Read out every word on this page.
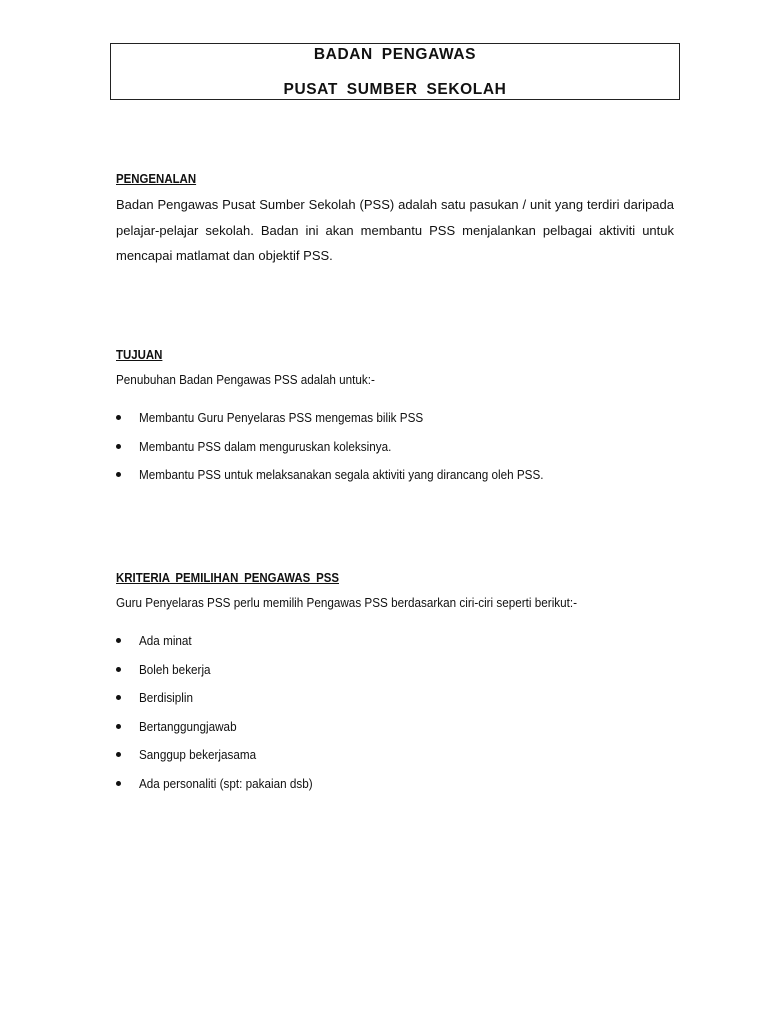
BADAN PENGAWAS
PUSAT SUMBER SEKOLAH
PENGENALAN
Badan Pengawas Pusat Sumber Sekolah (PSS) adalah satu pasukan / unit yang terdiri daripada
pelajar-pelajar sekolah. Badan ini akan membantu PSS menjalankan pelbagai aktiviti untuk
mencapai matlamat dan objektif PSS.
TUJUAN
Penubuhan Badan Pengawas PSS adalah untuk:-
Membantu Guru Penyelaras PSS mengemas bilik PSS
Membantu PSS dalam menguruskan koleksinya.
Membantu PSS untuk melaksanakan segala aktiviti yang dirancang oleh PSS.
KRITERIA PEMILIHAN PENGAWAS PSS
Guru Penyelaras PSS perlu memilih Pengawas PSS berdasarkan ciri-ciri seperti berikut:-
Ada minat
Boleh bekerja
Berdisiplin
Bertanggungjawab
Sanggup bekerjasama
Ada personaliti (spt: pakaian dsb)
